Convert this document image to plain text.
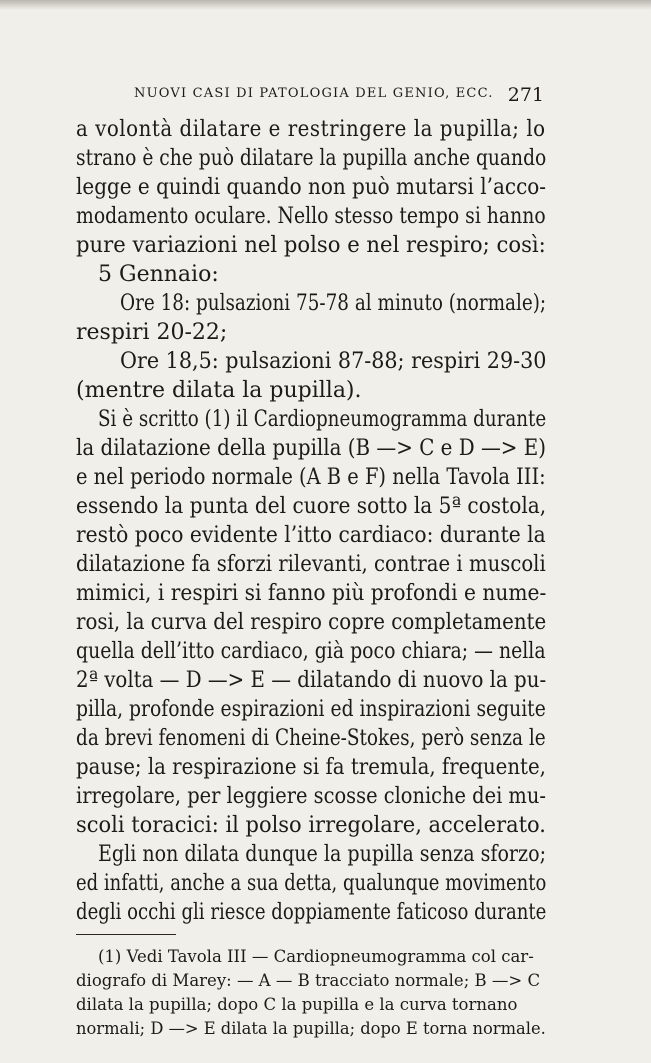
NUOVI CASI DI PATOLOGIA DEL GENIO, ECC. 271
a volontà dilatare e restringere la pupilla; lo
strano è che può dilatare la pupilla anche quando
legge e quindi quando non può mutarsi l’acco-
modamento oculare. Nello stesso tempo si hanno
pure variazioni nel polso e nel respiro; così:
5 Gennaio:
Ore 18: pulsazioni 75-78 al minuto (normale);
respiri 20-22;
Ore 18,5: pulsazioni 87-88; respiri 29-30
(mentre dilata la pupilla).
Si è scritto (1) il Cardiopneumogramma durante
la dilatazione della pupilla (B —> C e D —> E)
e nel periodo normale (A B e F) nella Tavola III:
essendo la punta del cuore sotto la 5ª costola,
restò poco evidente l’itto cardiaco: durante la
dilatazione fa sforzi rilevanti, contrae i muscoli
mimici, i respiri si fanno più profondi e nume-
rosi, la curva del respiro copre completamente
quella dell’itto cardiaco, già poco chiara; — nella
2ª volta — D —> E — dilatando di nuovo la pu-
pilla, profonde espirazioni ed inspirazioni seguite
da brevi fenomeni di Cheine-Stokes, però senza le
pause; la respirazione si fa tremula, frequente,
irregolare, per leggiere scosse cloniche dei mu-
scoli toracici: il polso irregolare, accelerato.
Egli non dilata dunque la pupilla senza sforzo;
ed infatti, anche a sua detta, qualunque movimento
degli occhi gli riesce doppiamente faticoso durante
(1) Vedi Tavola III — Cardiopneumogramma col car-
diografo di Marey: — A — B tracciato normale; B —> C
dilata la pupilla; dopo C la pupilla e la curva tornano
normali; D —> E dilata la pupilla; dopo E torna normale.
